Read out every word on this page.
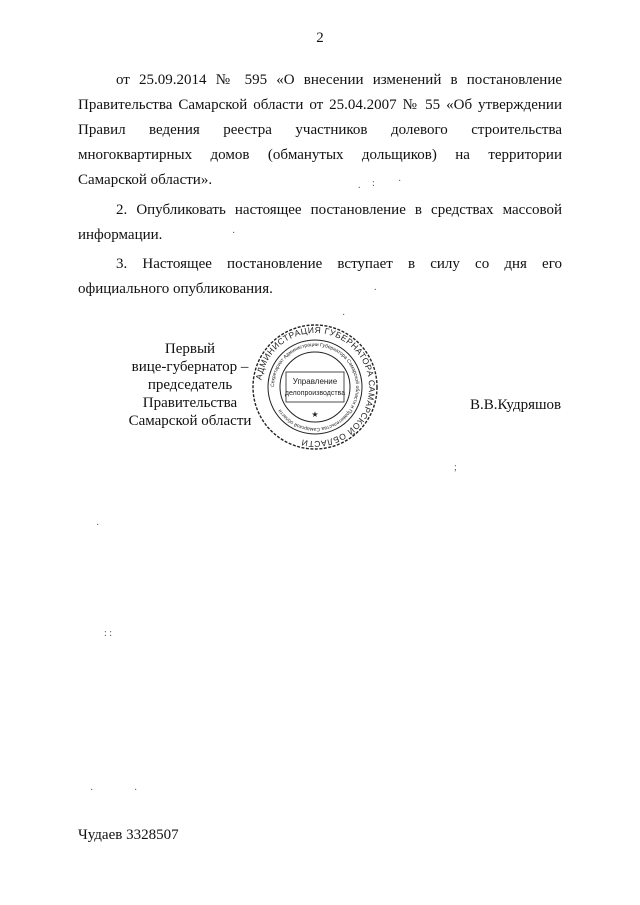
2
от 25.09.2014 № 595 «О внесении изменений в постановление
Правительства Самарской области от 25.04.2007 № 55 «Об утверждении
Правил ведения реестра участников долевого строительства
многоквартирных домов (обманутых дольщиков) на территории
Самарской области».
2. Опубликовать настоящее постановление в средствах массовой
информации.
3. Настоящее постановление вступает в силу со дня его
официального опубликования.
Первый
вице-губернатор –
председатель Правительства
Самарской области
АДМИНИСТРАЦИЯ ГУБЕРНАТОРА САМАРСКОЙ ОБЛАСТИ
Секретариат Администрации Губернатора Самарской области и Правительства Самарской области
Управление
делопроизводства
★
В.В.Кудряшов
Чудаев 3328507
. : ·
·
.
·
;
·
: :
·	·
